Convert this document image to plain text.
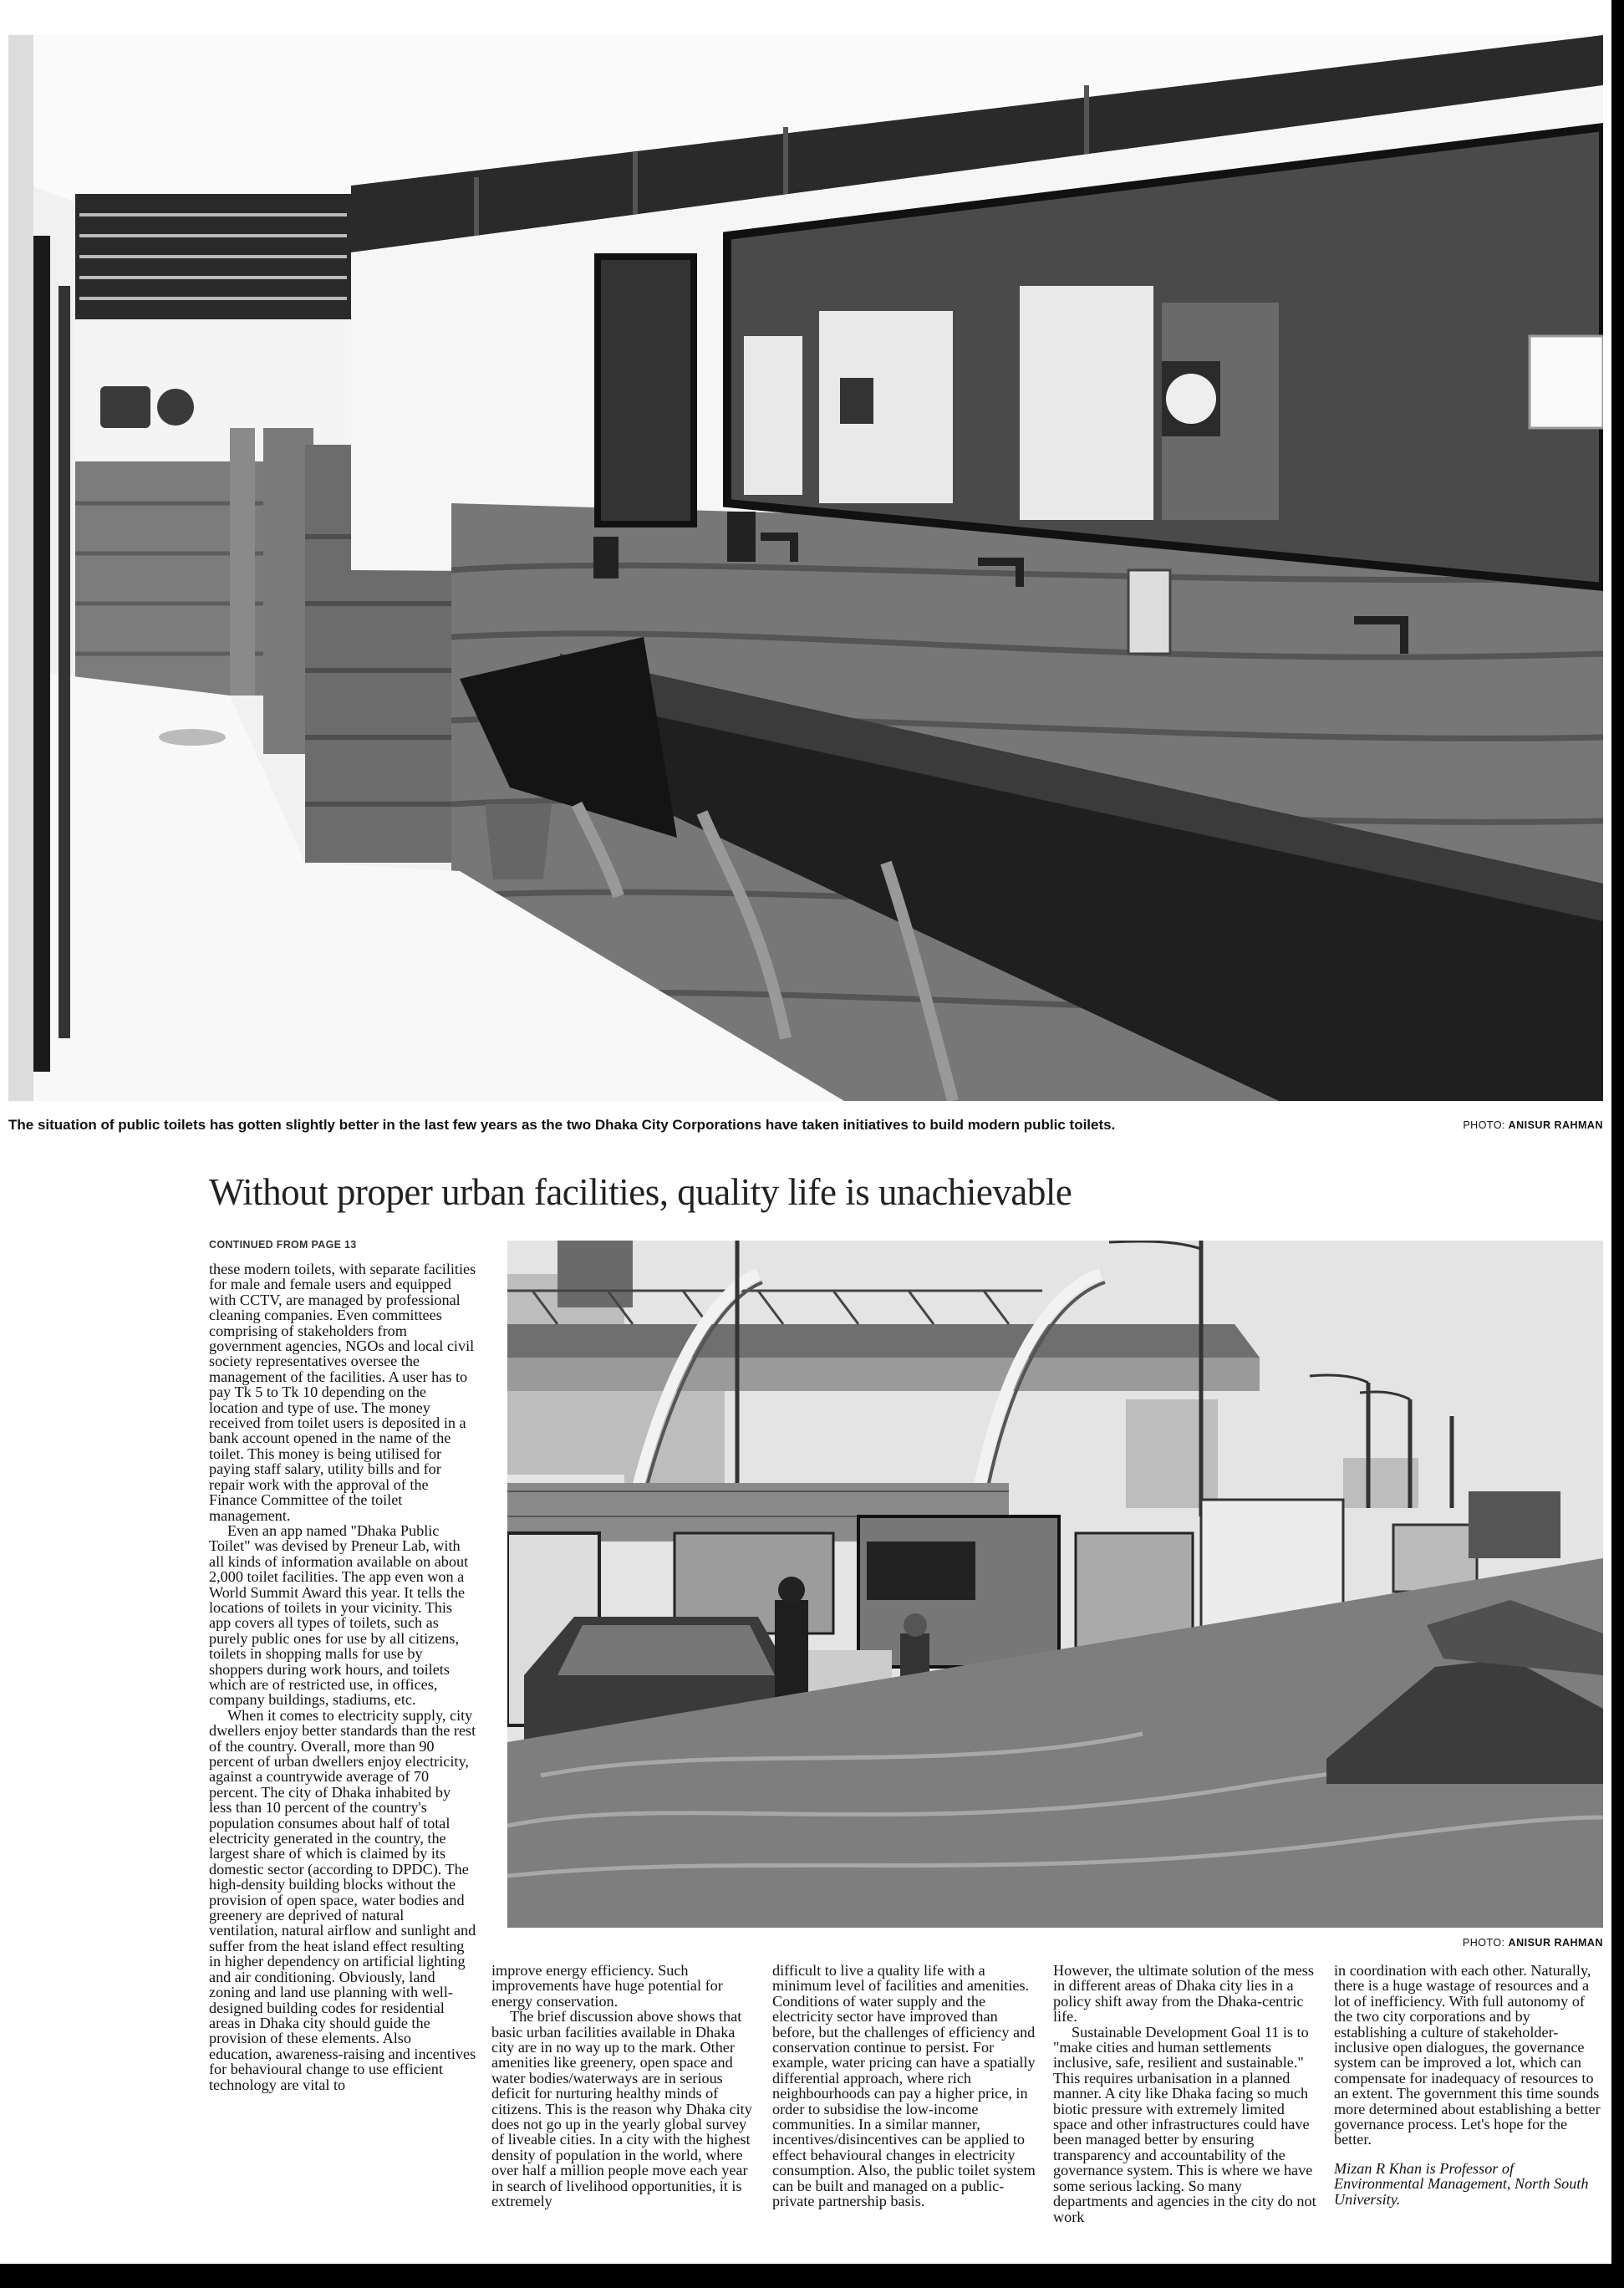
The situation of public toilets has gotten slightly better in the last few years as the two Dhaka City Corporations have taken initiatives to build modern public toilets.	PHOTO: ANISUR RAHMAN
Without proper urban facilities, quality life is unachievable
CONTINUED FROM PAGE 13

these modern toilets, with separate facilities for male and female users and equipped with CCTV, are managed by professional cleaning companies. Even committees comprising of stakeholders from government agencies, NGOs and local civil society representatives oversee the management of the facilities. A user has to pay Tk 5 to Tk 10 depending on the location and type of use. The money received from toilet users is deposited in a bank account opened in the name of the toilet. This money is being utilised for paying staff salary, utility bills and for repair work with the approval of the Finance Committee of the toilet management.

Even an app named "Dhaka Public Toilet" was devised by Preneur Lab, with all kinds of information available on about 2,000 toilet facilities. The app even won a World Summit Award this year. It tells the locations of toilets in your vicinity. This app covers all types of toilets, such as purely public ones for use by all citizens, toilets in shopping malls for use by shoppers during work hours, and toilets which are of restricted use, in offices, company buildings, stadiums, etc.

When it comes to electricity supply, city dwellers enjoy better standards than the rest of the country. Overall, more than 90 percent of urban dwellers enjoy electricity, against a countrywide average of 70 percent. The city of Dhaka inhabited by less than 10 percent of the country's population consumes about half of total electricity generated in the country, the largest share of which is claimed by its domestic sector (according to DPDC). The high-density building blocks without the provision of open space, water bodies and greenery are deprived of natural ventilation, natural airflow and sunlight and suffer from the heat island effect resulting in higher dependency on artificial lighting and air conditioning. Obviously, land zoning and land use planning with well-designed building codes for residential areas in Dhaka city should guide the provision of these elements. Also education, awareness-raising and incentives for behavioural change to use efficient technology are vital to

PHOTO: ANISUR RAHMAN

improve energy efficiency. Such improvements have huge potential for energy conservation.

The brief discussion above shows that basic urban facilities available in Dhaka city are in no way up to the mark. Other amenities like greenery, open space and water bodies/waterways are in serious deficit for nurturing healthy minds of citizens. This is the reason why Dhaka city does not go up in the yearly global survey of liveable cities. In a city with the highest density of population in the world, where over half a million people move each year in search of livelihood opportunities, it is extremely

difficult to live a quality life with a minimum level of facilities and amenities. Conditions of water supply and the electricity sector have improved than before, but the challenges of efficiency and conservation continue to persist. For example, water pricing can have a spatially differential approach, where rich neighbourhoods can pay a higher price, in order to subsidise the low-income communities. In a similar manner, incentives/disincentives can be applied to effect behavioural changes in electricity consumption. Also, the public toilet system can be built and managed on a public-private partnership basis.

However, the ultimate solution of the mess in different areas of Dhaka city lies in a policy shift away from the Dhaka-centric life.

Sustainable Development Goal 11 is to "make cities and human settlements inclusive, safe, resilient and sustainable." This requires urbanisation in a planned manner. A city like Dhaka facing so much biotic pressure with extremely limited space and other infrastructures could have been managed better by ensuring transparency and accountability of the governance system. This is where we have some serious lacking. So many departments and agencies in the city do not work

in coordination with each other. Naturally, there is a huge wastage of resources and a lot of inefficiency. With full autonomy of the two city corporations and by establishing a culture of stakeholder-inclusive open dialogues, the governance system can be improved a lot, which can compensate for inadequacy of resources to an extent. The government this time sounds more determined about establishing a better governance process. Let's hope for the better.

Mizan R Khan is Professor of Environmental Management, North South University.
